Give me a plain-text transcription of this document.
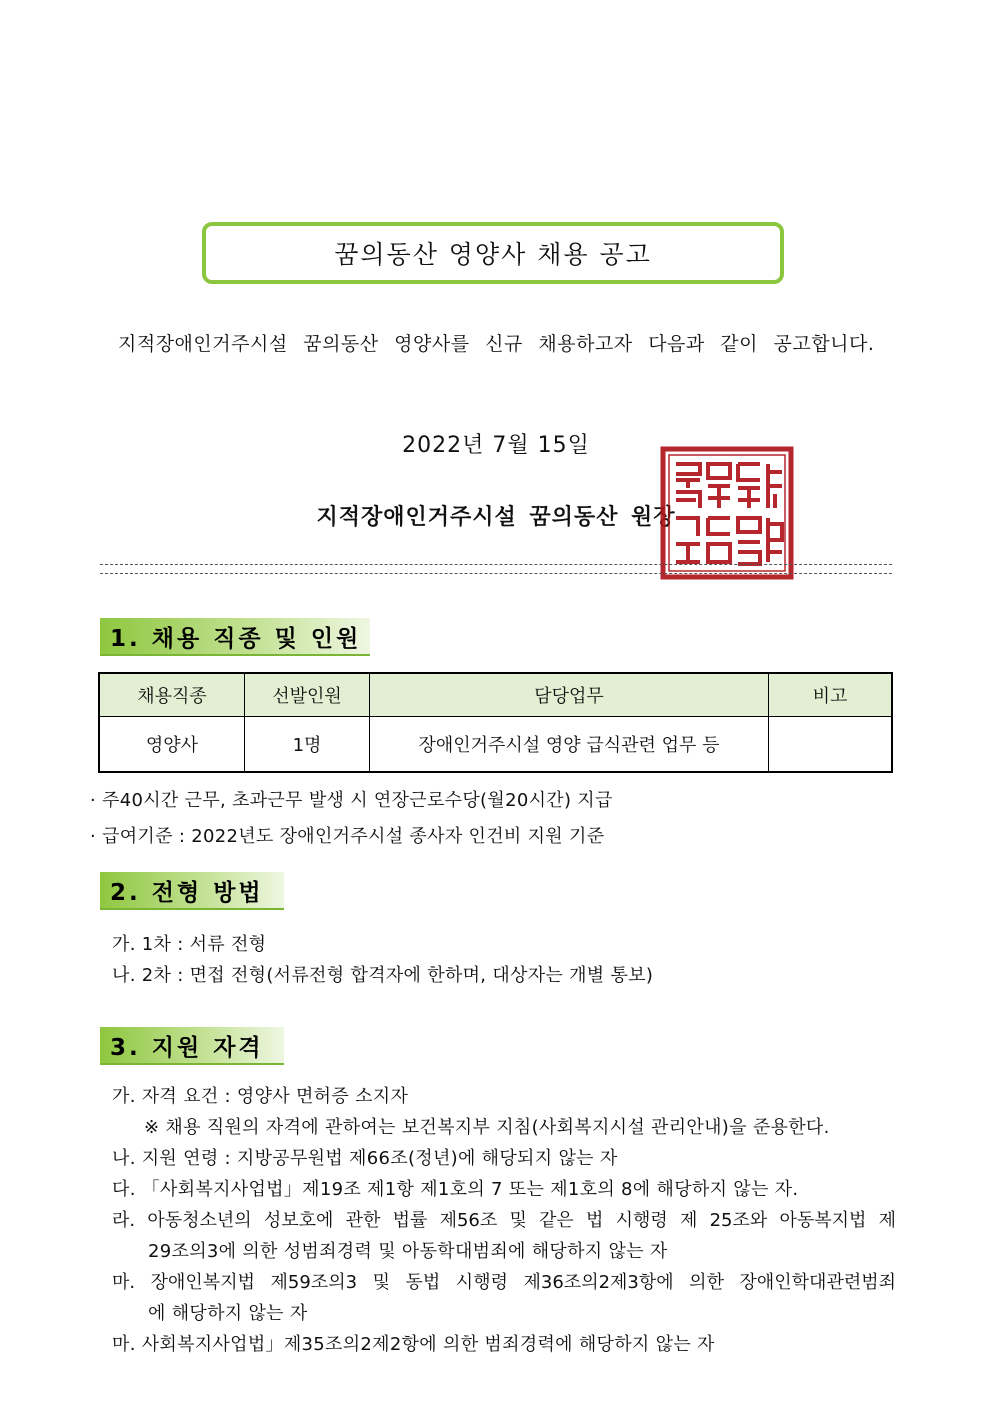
꿈의동산 영양사 채용 공고
지적장애인거주시설 꿈의동산 영양사를 신규 채용하고자 다음과 같이 공고합니다.
2022년 7월 15일
지적장애인거주시설 꿈의동산 원장
1. 채용 직종 및 인원
채용직종	선발인원	담당업무	비고
영양사	1명	장애인거주시설 영양 급식관련 업무 등	
· 주40시간 근무, 초과근무 발생 시 연장근로수당(월20시간) 지급
· 급여기준 : 2022년도 장애인거주시설 종사자 인건비 지원 기준
2. 전형 방법
가. 1차 : 서류 전형
나. 2차 : 면접 전형(서류전형 합격자에 한하며, 대상자는 개별 통보)
3. 지원 자격
가. 자격 요건 : 영양사 면허증 소지자
※ 채용 직원의 자격에 관하여는 보건복지부 지침(사회복지시설 관리안내)을 준용한다.
나. 지원 연령 : 지방공무원법 제66조(정년)에 해당되지 않는 자
다. 「사회복지사업법」제19조 제1항 제1호의 7 또는 제1호의 8에 해당하지 않는 자.
라. 아동청소년의 성보호에 관한 법률 제56조 및 같은 법 시행령 제 25조와 아동복지법 제
29조의3에 의한 성범죄경력 및 아동학대범죄에 해당하지 않는 자
마. 장애인복지법 제59조의3 및 동법 시행령 제36조의2제3항에 의한 장애인학대관련범죄
에 해당하지 않는 자
마. 사회복지사업법」제35조의2제2항에 의한 범죄경력에 해당하지 않는 자
